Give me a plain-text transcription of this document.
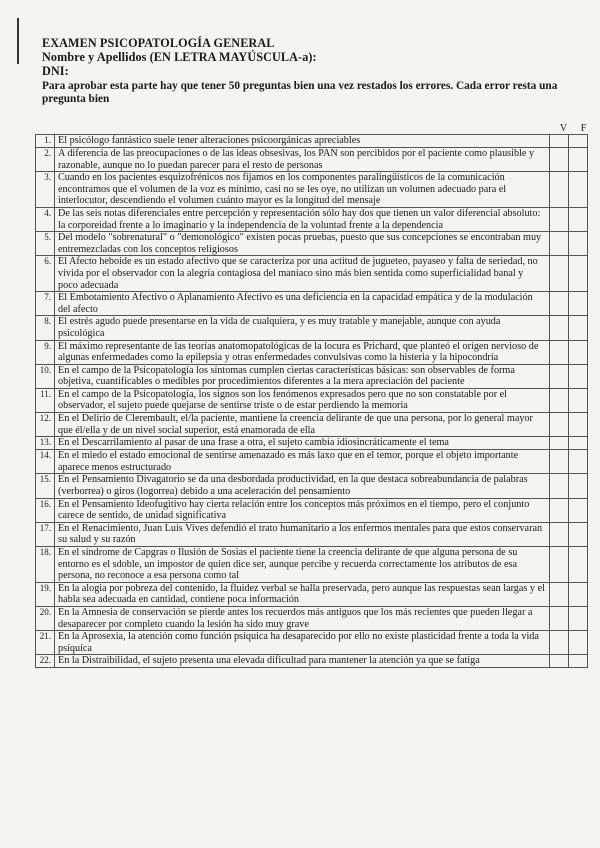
EXAMEN PSICOPATOLOGÍA GENERAL
Nombre y Apellidos (EN LETRA MAYÚSCULA-a):
DNI:
Para aprobar esta parte hay que tener 50 preguntas bien una vez restados los errores. Cada error resta una pregunta bien
V	F
1.	El psicólogo fantástico suele tener alteraciones psicoorgánicas apreciables		
2.	A diferencia de las preocupaciones o de las ideas obsesivas, los PAN son percibidos por el paciente como plausible y razonable, aunque no lo puedan parecer para el resto de personas		
3.	Cuando en los pacientes esquizofrénicos nos fijamos en los componentes paralingüísticos de la comunicación encontramos que el volumen de la voz es mínimo, casi no se les oye, no utilizan un volumen adecuado para el interlocutor, descendiendo el volumen cuánto mayor es la longitud del mensaje		
4.	De las seis notas diferenciales entre percepción y representación sólo hay dos que tienen un valor diferencial absoluto: la corporeidad frente a lo imaginario y la independencia de la voluntad frente a la dependencia		
5.	Del modelo "sobrenatural" o "demonológico" existen pocas pruebas, puesto que sus concepciones se encontraban muy entremezcladas con los conceptos religiosos		
6.	El Afecto heboide es un estado afectivo que se caracteriza por una actitud de jugueteo, payaseo y falta de seriedad, no vivida por el observador con la alegría contagiosa del maníaco sino más bien sentida como superficialidad banal y poco adecuada		
7.	El Embotamiento Afectivo o Aplanamiento Afectivo es una deficiencia en la capacidad empática y de la modulación del afecto		
8.	El estrés agudo puede presentarse en la vida de cualquiera, y es muy tratable y manejable, aunque con ayuda psicológica		
9.	El máximo representante de las teorías anatomopatológicas de la locura es Prichard, que planteó el origen nervioso de algunas enfermedades como la epilepsia y otras enfermedades convulsivas como la histeria y la hipocondría		
10.	En el campo de la Psicopatología los síntomas cumplen ciertas características básicas: son observables de forma objetiva, cuantificables o medibles por procedimientos diferentes a la mera apreciación del paciente		
11.	En el campo de la Psicopatología, los signos son los fenómenos expresados pero que no son constatable por el observador, el sujeto puede quejarse de sentirse triste o de estar perdiendo la memoria		
12.	En el Delirio de Clerembault, el/la paciente, mantiene la creencia delirante de que una persona, por lo general mayor que él/ella y de un nivel social superior, está enamorada de ella		
13.	En el Descarrilamiento al pasar de una frase a otra, el sujeto cambia idiosincráticamente el tema		
14.	En el miedo el estado emocional de sentirse amenazado es más laxo que en el temor, porque el objeto importante aparece menos estructurado		
15.	En el Pensamiento Divagatorio se da una desbordada productividad, en la que destaca sobreabundancia de palabras (verborrea) o giros (logorrea) debido a una aceleración del pensamiento		
16.	En el Pensamiento Ideofugitivo hay cierta relación entre los conceptos más próximos en el tiempo, pero el conjunto carece de sentido, de unidad significativa		
17.	En el Renacimiento, Juan Luis Vives defendió el trato humanitario a los enfermos mentales para que estos conservaran su salud y su razón		
18.	En el síndrome de Capgras o Ilusión de Sosias el paciente tiene la creencia delirante de que alguna persona de su entorno es el sdoble, un impostor de quien dice ser, aunque percibe y recuerda correctamente los atributos de esa persona, no reconoce a esa persona como tal		
19.	En la alogia por pobreza del contenido, la fluidez verbal se halla preservada, pero aunque las respuestas sean largas y el habla sea adecuada en cantidad, contiene poca información		
20.	En la Amnesia de conservación se pierde antes los recuerdos más antiguos que los más recientes que pueden llegar a desaparecer por completo cuando la lesión ha sido muy grave		
21.	En la Aprosexia, la atención como función psíquica ha desaparecido por ello no existe plasticidad frente a toda la vida psíquica		
22.	En la Distraibilidad, el sujeto presenta una elevada dificultad para mantener la atención ya que se fatiga		
